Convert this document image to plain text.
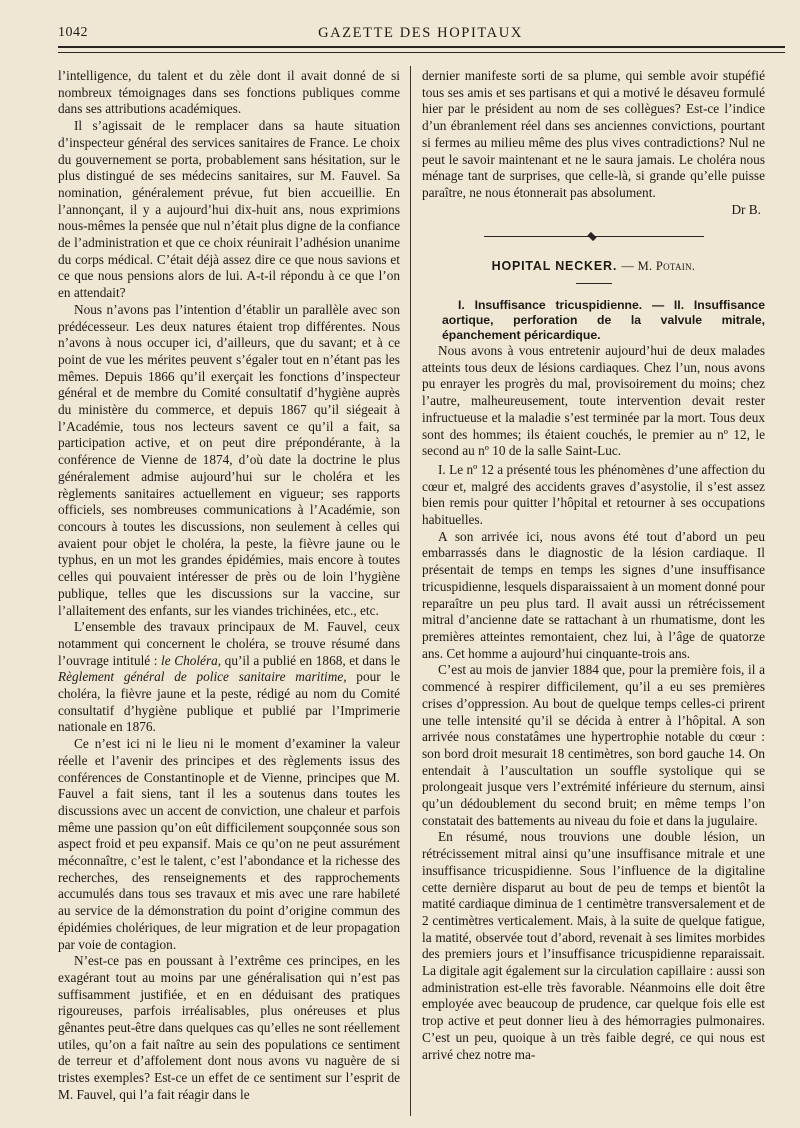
1042	GAZETTE DES HOPITAUX

l’intelligence, du talent et du zèle dont il avait donné de si nombreux témoignages dans ses fonctions publiques comme dans ses attributions académiques.

Il s’agissait de le remplacer dans sa haute situation d’inspecteur général des services sanitaires de France. Le choix du gouvernement se porta, probablement sans hésitation, sur le plus distingué de ses médecins sanitaires, sur M. Fauvel. Sa nomination, généralement prévue, fut bien accueillie. En l’annonçant, il y a aujourd’hui dix-huit ans, nous exprimions nous-mêmes la pensée que nul n’était plus digne de la confiance de l’administration et que ce choix réunirait l’adhésion unanime du corps médical. C’était déjà assez dire ce que nous savions et ce que nous pensions alors de lui. A-t-il répondu à ce que l’on en attendait?

Nous n’avons pas l’intention d’établir un parallèle avec son prédécesseur. Les deux natures étaient trop différentes. Nous n’avons à nous occuper ici, d’ailleurs, que du savant; et à ce point de vue les mérites peuvent s’égaler tout en n’étant pas les mêmes. Depuis 1866 qu’il exerçait les fonctions d’inspecteur général et de membre du Comité consultatif d’hygiène auprès du ministère du commerce, et depuis 1867 qu’il siégeait à l’Académie, tous nos lecteurs savent ce qu’il a fait, sa participation active, et on peut dire prépondérante, à la conférence de Vienne de 1874, d’où date la doctrine le plus généralement admise aujourd’hui sur le choléra et les règlements sanitaires actuellement en vigueur; ses rapports officiels, ses nombreuses communications à l’Académie, son concours à toutes les discussions, non seulement à celles qui avaient pour objet le choléra, la peste, la fièvre jaune ou le typhus, en un mot les grandes épidémies, mais encore à toutes celles qui pouvaient intéresser de près ou de loin l’hygiène publique, telles que les discussions sur la vaccine, sur l’allaitement des enfants, sur les viandes trichinées, etc., etc.

L’ensemble des travaux principaux de M. Fauvel, ceux notamment qui concernent le choléra, se trouve résumé dans l’ouvrage intitulé : le Choléra, qu’il a publié en 1868, et dans le Règlement général de police sanitaire maritime, pour le choléra, la fièvre jaune et la peste, rédigé au nom du Comité consultatif d’hygiène publique et publié par l’Imprimerie nationale en 1876.

Ce n’est ici ni le lieu ni le moment d’examiner la valeur réelle et l’avenir des principes et des règlements issus des conférences de Constantinople et de Vienne, principes que M. Fauvel a fait siens, tant il les a soutenus dans toutes les discussions avec un accent de conviction, une chaleur et parfois même une passion qu’on eût difficilement soupçonnée sous son aspect froid et peu expansif. Mais ce qu’on ne peut assurément méconnaître, c’est le talent, c’est l’abondance et la richesse des recherches, des renseignements et des rapprochements accumulés dans tous ses travaux et mis avec une rare habileté au service de la démonstration du point d’origine commun des épidémies cholériques, de leur migration et de leur propagation par voie de contagion.

N’est-ce pas en poussant à l’extrême ces principes, en les exagérant tout au moins par une généralisation qui n’est pas suffisamment justifiée, et en en déduisant des pratiques rigoureuses, parfois irréalisables, plus onéreuses et plus gênantes peut-être dans quelques cas qu’elles ne sont réellement utiles, qu’on a fait naître au sein des populations ce sentiment de terreur et d’affolement dont nous avons vu naguère de si tristes exemples? Est-ce un effet de ce sentiment sur l’esprit de M. Fauvel, qui l’a fait réagir dans le

dernier manifeste sorti de sa plume, qui semble avoir stupéfié tous ses amis et ses partisans et qui a motivé le désaveu formulé hier par le président au nom de ses collègues? Est-ce l’indice d’un ébranlement réel dans ses anciennes convictions, pourtant si fermes au milieu même des plus vives contradictions? Nul ne peut le savoir maintenant et ne le saura jamais. Le choléra nous ménage tant de surprises, que celle-là, si grande qu’elle puisse paraître, ne nous étonnerait pas absolument.

Dr B.
HOPITAL NECKER. — M. Potain.

I. Insuffisance tricuspidienne. — II. Insuffisance aortique, perforation de la valvule mitrale, épanchement péricardique.

Nous avons à vous entretenir aujourd’hui de deux malades atteints tous deux de lésions cardiaques. Chez l’un, nous avons pu enrayer les progrès du mal, provisoirement du moins; chez l’autre, malheureusement, toute intervention devait rester infructueuse et la maladie s’est terminée par la mort. Tous deux sont des hommes; ils étaient couchés, le premier au nº 12, le second au nº 10 de la salle Saint-Luc.

I. Le nº 12 a présenté tous les phénomènes d’une affection du cœur et, malgré des accidents graves d’asystolie, il s’est assez bien remis pour quitter l’hôpital et retourner à ses occupations habituelles.

A son arrivée ici, nous avons été tout d’abord un peu embarrassés dans le diagnostic de la lésion cardiaque. Il présentait de temps en temps les signes d’une insuffisance tricuspidienne, lesquels disparaissaient à un moment donné pour reparaître un peu plus tard. Il avait aussi un rétrécissement mitral d’ancienne date se rattachant à un rhumatisme, dont les premières atteintes remontaient, chez lui, à l’âge de quatorze ans. Cet homme a aujourd’hui cinquante-trois ans.

C’est au mois de janvier 1884 que, pour la première fois, il a commencé à respirer difficilement, qu’il a eu ses premières crises d’oppression. Au bout de quelque temps celles-ci prirent une telle intensité qu’il se décida à entrer à l’hôpital. A son arrivée nous constatâmes une hypertrophie notable du cœur : son bord droit mesurait 18 centimètres, son bord gauche 14. On entendait à l’auscultation un souffle systolique qui se prolongeait jusque vers l’extrémité inférieure du sternum, ainsi qu’un dédoublement du second bruit; en même temps l’on constatait des battements au niveau du foie et dans la jugulaire.

En résumé, nous trouvions une double lésion, un rétrécissement mitral ainsi qu’une insuffisance mitrale et une insuffisance tricuspidienne. Sous l’influence de la digitaline cette dernière disparut au bout de peu de temps et bientôt la matité cardiaque diminua de 1 centimètre transversalement et de 2 centimètres verticalement. Mais, à la suite de quelque fatigue, la matité, observée tout d’abord, revenait à ses limites morbides des premiers jours et l’insuffisance tricuspidienne reparaissait. La digitale agit également sur la circulation capillaire : aussi son administration est-elle très favorable. Néanmoins elle doit être employée avec beaucoup de prudence, car quelque fois elle est trop active et peut donner lieu à des hémorragies pulmonaires. C’est un peu, quoique à un très faible degré, ce qui nous est arrivé chez notre ma-
